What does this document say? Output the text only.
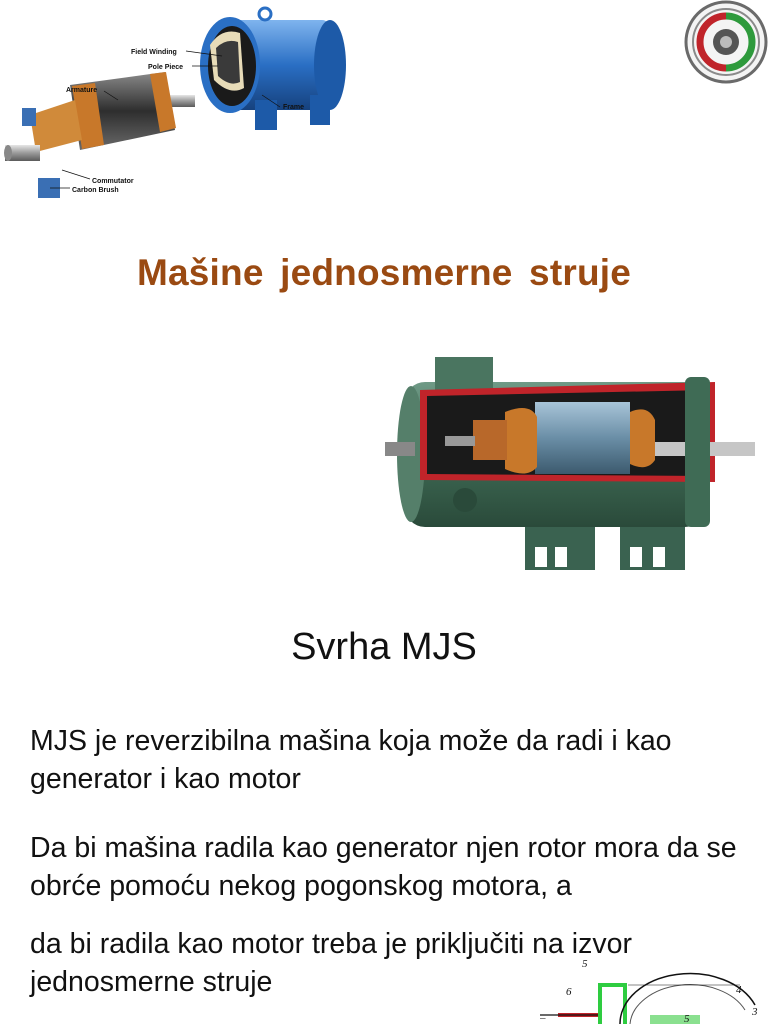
Field Winding
Pole Piece
Armature
Frame
Commutator
Carbon Brush
Mašine jednosmerne struje
Svrha MJS
MJS je reverzibilna mašina koja može da radi i kao generator i kao motor
Da bi mašina radila kao generator njen rotor mora da se obrće pomoću nekog pogonskog motora, a
da bi radila kao motor treba je priključiti na izvor jednosmerne struje
5
6	4
3
5
–
